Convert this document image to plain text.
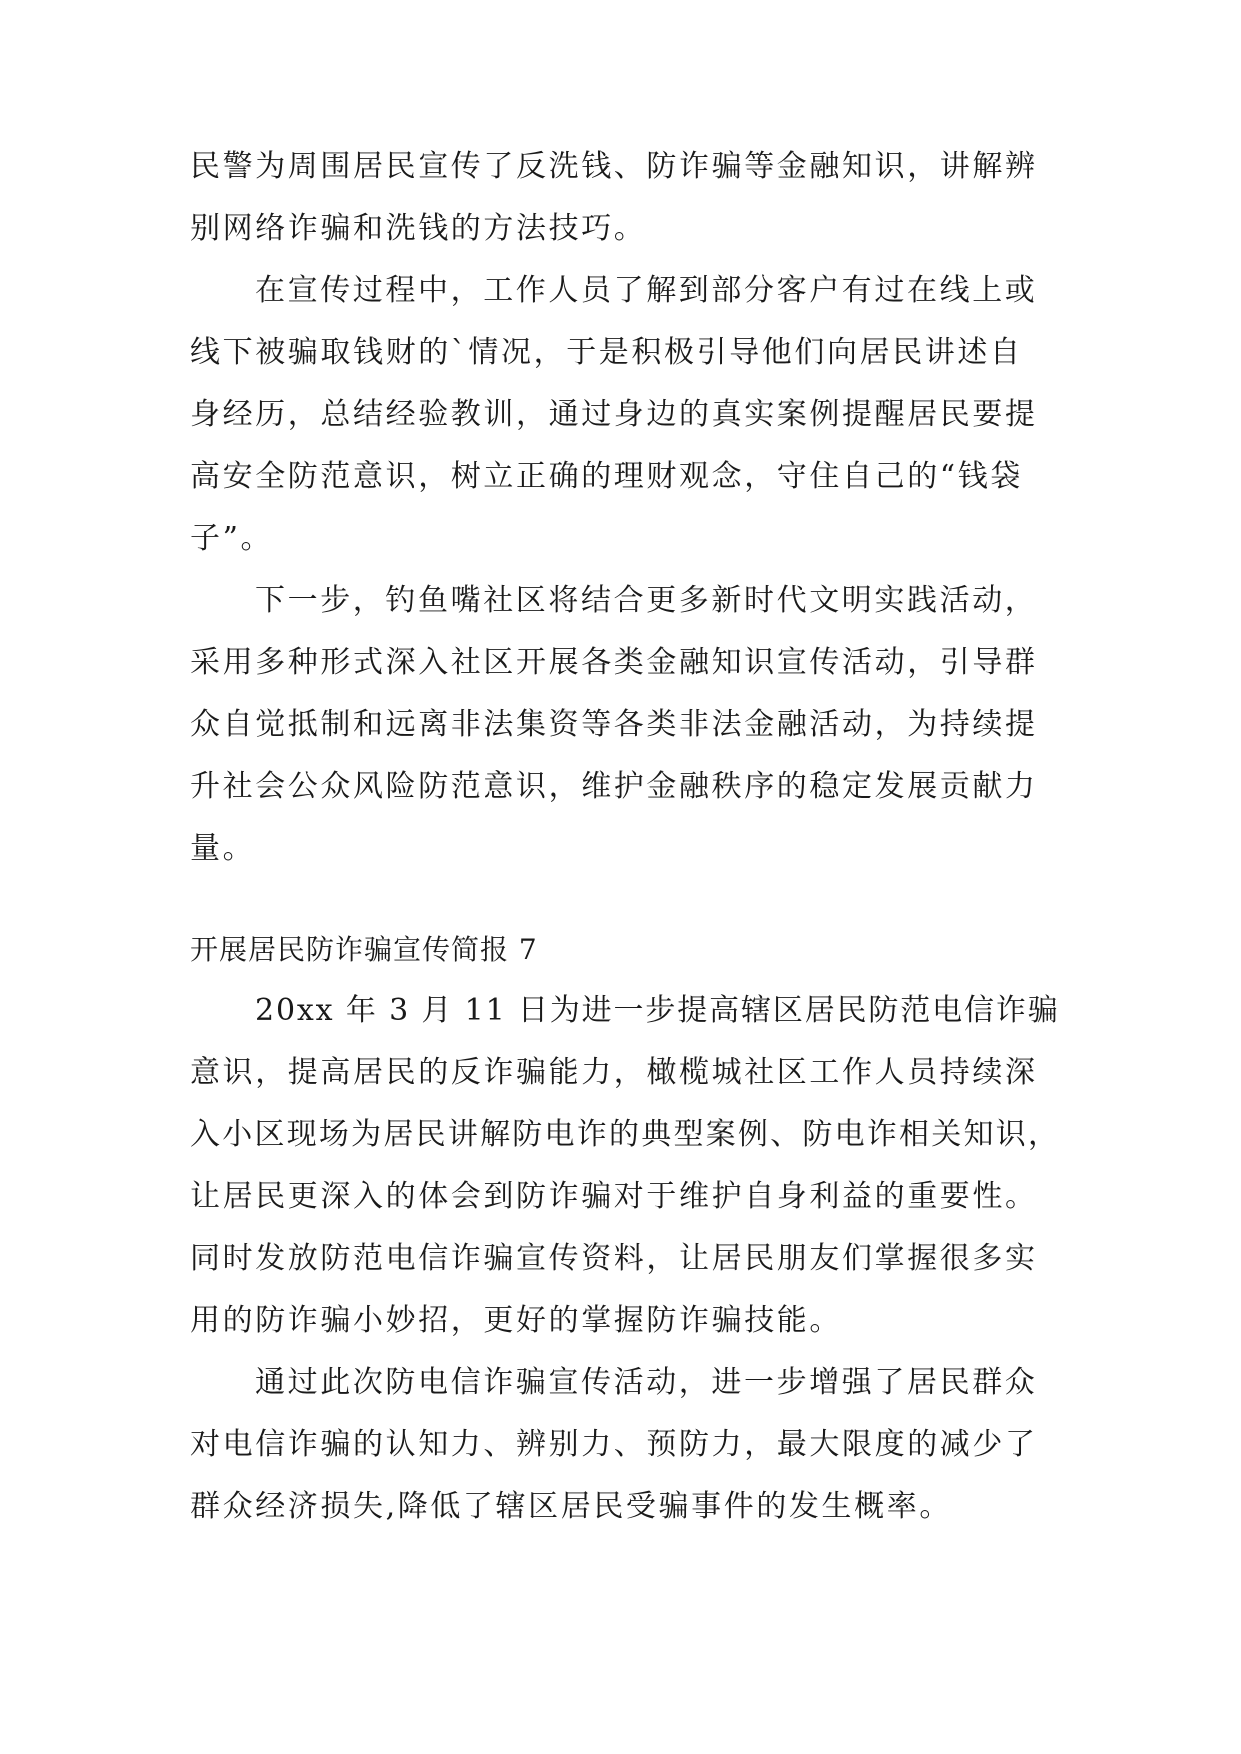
民警为周围居民宣传了反洗钱、防诈骗等金融知识，讲解辨
别网络诈骗和洗钱的方法技巧。
在宣传过程中，工作人员了解到部分客户有过在线上或
线下被骗取钱财的`情况，于是积极引导他们向居民讲述自
身经历，总结经验教训，通过身边的真实案例提醒居民要提
高安全防范意识，树立正确的理财观念，守住自己的“钱袋
子”。
下一步，钓鱼嘴社区将结合更多新时代文明实践活动，
采用多种形式深入社区开展各类金融知识宣传活动，引导群
众自觉抵制和远离非法集资等各类非法金融活动，为持续提
升社会公众风险防范意识，维护金融秩序的稳定发展贡献力
量。
开展居民防诈骗宣传简报 7
20xx 年 3 月 11 日为进一步提高辖区居民防范电信诈骗
意识，提高居民的反诈骗能力，橄榄城社区工作人员持续深
入小区现场为居民讲解防电诈的典型案例、防电诈相关知识，
让居民更深入的体会到防诈骗对于维护自身利益的重要性。
同时发放防范电信诈骗宣传资料，让居民朋友们掌握很多实
用的防诈骗小妙招，更好的掌握防诈骗技能。
通过此次防电信诈骗宣传活动，进一步增强了居民群众
对电信诈骗的认知力、辨别力、预防力，最大限度的减少了
群众经济损失,降低了辖区居民受骗事件的发生概率。
